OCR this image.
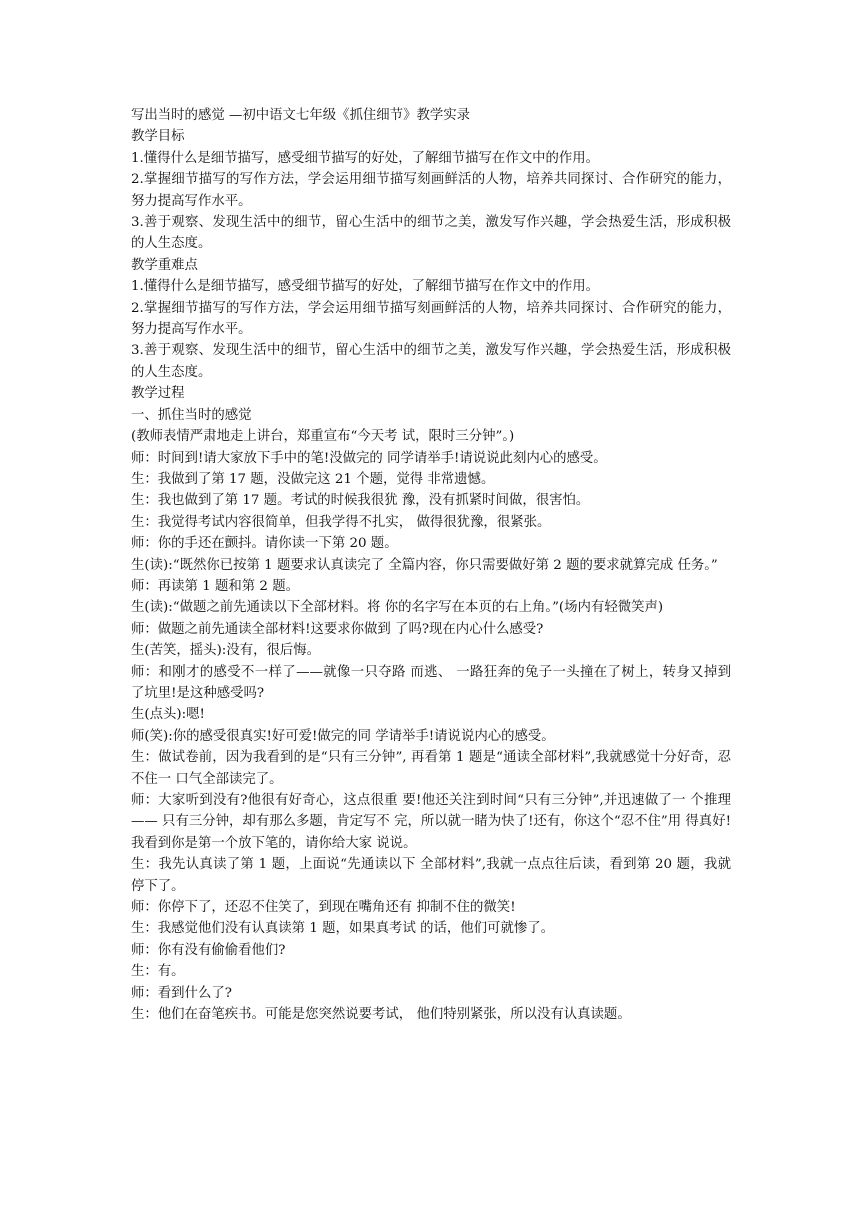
写出当时的感觉 —初中语文七年级《抓住细节》教学实录

教学目标

1.懂得什么是细节描写，感受细节描写的好处，了解细节描写在作文中的作用。

2.掌握细节描写的写作方法，学会运用细节描写刻画鲜活的人物，培养共同探讨、合作研究的能力，努力提高写作水平。

3.善于观察、发现生活中的细节，留心生活中的细节之美，激发写作兴趣，学会热爱生活，形成积极的人生态度。

教学重难点

1.懂得什么是细节描写，感受细节描写的好处，了解细节描写在作文中的作用。

2.掌握细节描写的写作方法，学会运用细节描写刻画鲜活的人物，培养共同探讨、合作研究的能力，努力提高写作水平。

3.善于观察、发现生活中的细节，留心生活中的细节之美，激发写作兴趣，学会热爱生活，形成积极的人生态度。

教学过程

一、抓住当时的感觉

(教师表情严肃地走上讲台，郑重宣布“今天考 试，限时三分钟”。)

师：时间到!请大家放下手中的笔!没做完的 同学请举手!请说说此刻内心的感受。

生：我做到了第 17 题，没做完这 21 个题，觉得 非常遗憾。

生：我也做到了第 17 题。考试的时候我很犹 豫，没有抓紧时间做，很害怕。

生：我觉得考试内容很简单，但我学得不扎实， 做得很犹豫，很紧张。

师：你的手还在颤抖。请你读一下第 20 题。

生(读):“既然你已按第 1 题要求认真读完了 全篇内容，你只需要做好第 2 题的要求就算完成 任务。”

师：再读第 1 题和第 2 题。

生(读):“做题之前先通读以下全部材料。将 你的名字写在本页的右上角。”(场内有轻微笑声)

师：做题之前先通读全部材料!这要求你做到 了吗?现在内心什么感受?

生(苦笑，摇头):没有，很后悔。

师：和刚才的感受不一样了——就像一只夺路 而逃、 一路狂奔的兔子一头撞在了树上，转身又掉到 了坑里!是这种感受吗?

生(点头):嗯!

师(笑):你的感受很真实!好可爱!做完的同 学请举手!请说说内心的感受。

生：做试卷前，因为我看到的是“只有三分钟”, 再看第 1 题是“通读全部材料”,我就感觉十分好奇，忍不住一 口气全部读完了。

师：大家听到没有?他很有好奇心，这点很重 要!他还关注到时间“只有三分钟”,并迅速做了一 个推理—— 只有三分钟，却有那么多题，肯定写不 完，所以就一睹为快了!还有，你这个“忍不住”用 得真好!我看到你是第一个放下笔的，请你给大家 说说。

生：我先认真读了第 1 题，上面说“先通读以下 全部材料”,我就一点点往后读，看到第 20 题，我就 停下了。

师：你停下了，还忍不住笑了，到现在嘴角还有 抑制不住的微笑!

生：我感觉他们没有认真读第 1 题，如果真考试 的话，他们可就惨了。

师：你有没有偷偷看他们?

生：有。

师：看到什么了?

生：他们在奋笔疾书。可能是您突然说要考试， 他们特别紧张，所以没有认真读题。
